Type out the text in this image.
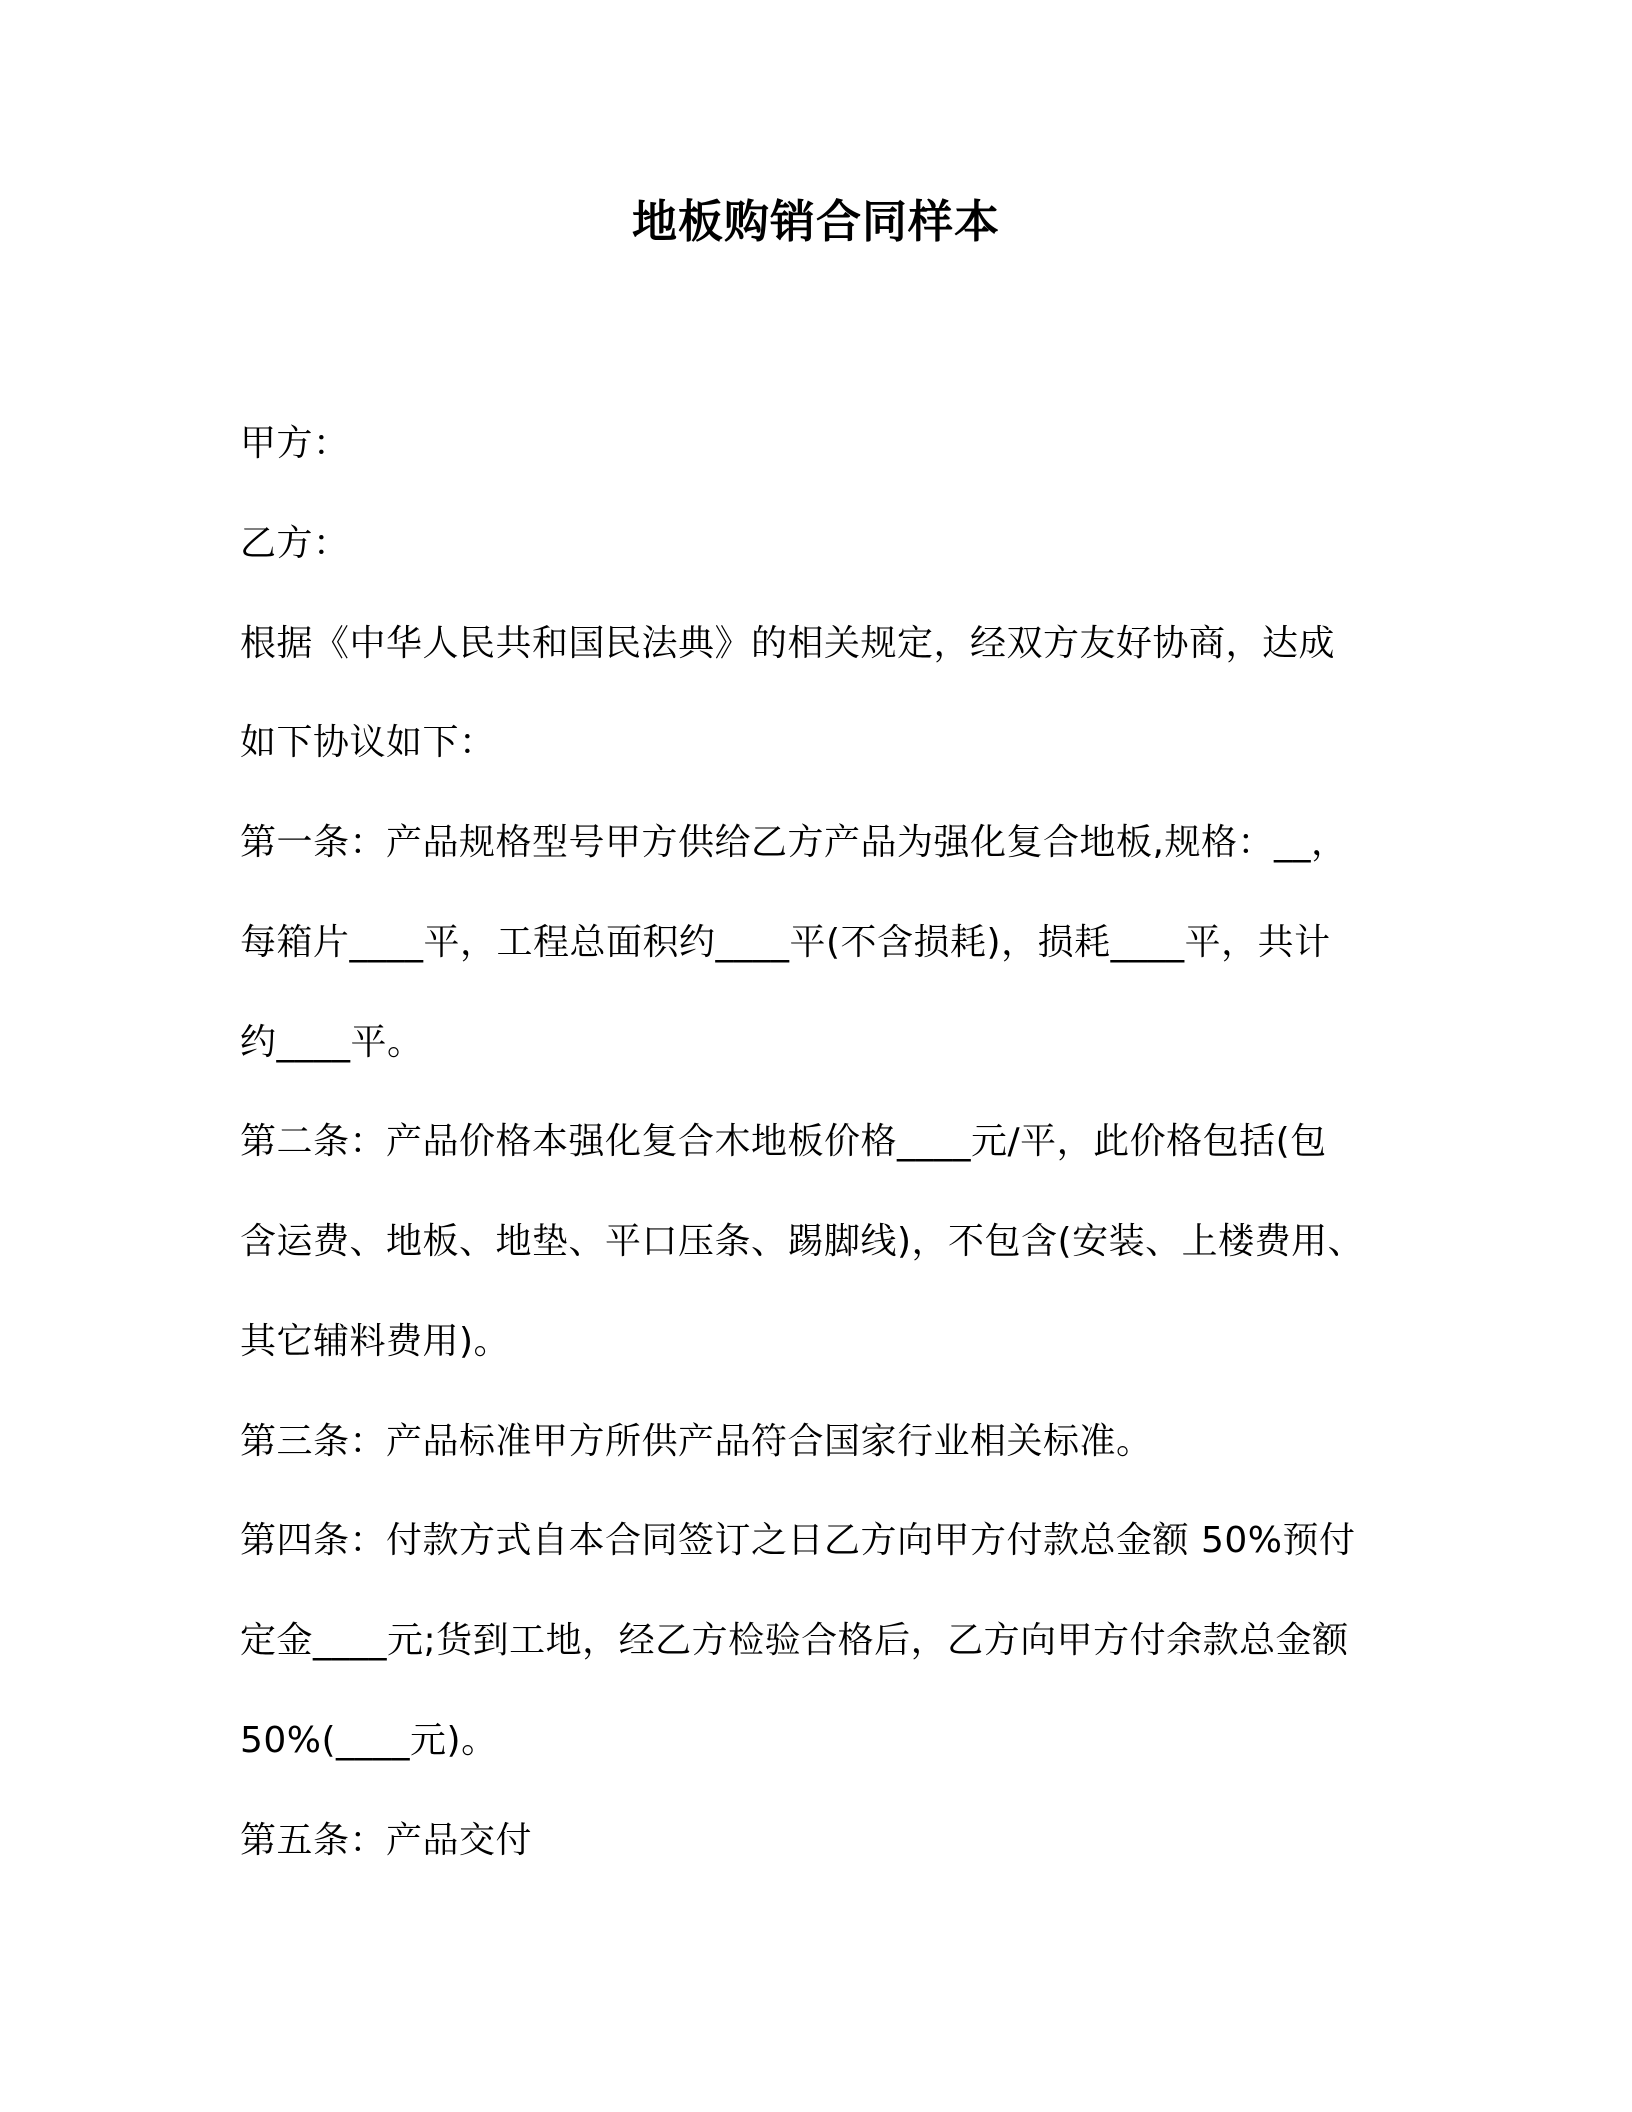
地板购销合同样本
甲方：
乙方：
根据《中华人民共和国民法典》的相关规定，经双方友好协商，达成
如下协议如下：
第一条：产品规格型号甲方供给乙方产品为强化复合地板,规格：__，
每箱片____平，工程总面积约____平(不含损耗)，损耗____平，共计
约____平。
第二条：产品价格本强化复合木地板价格____元/平，此价格包括(包
含运费、地板、地垫、平口压条、踢脚线)，不包含(安装、上楼费用、
其它辅料费用)。
第三条：产品标准甲方所供产品符合国家行业相关标准。
第四条：付款方式自本合同签订之日乙方向甲方付款总金额 50%预付
定金____元;货到工地，经乙方检验合格后，乙方向甲方付余款总金额
50%(____元)。
第五条：产品交付
